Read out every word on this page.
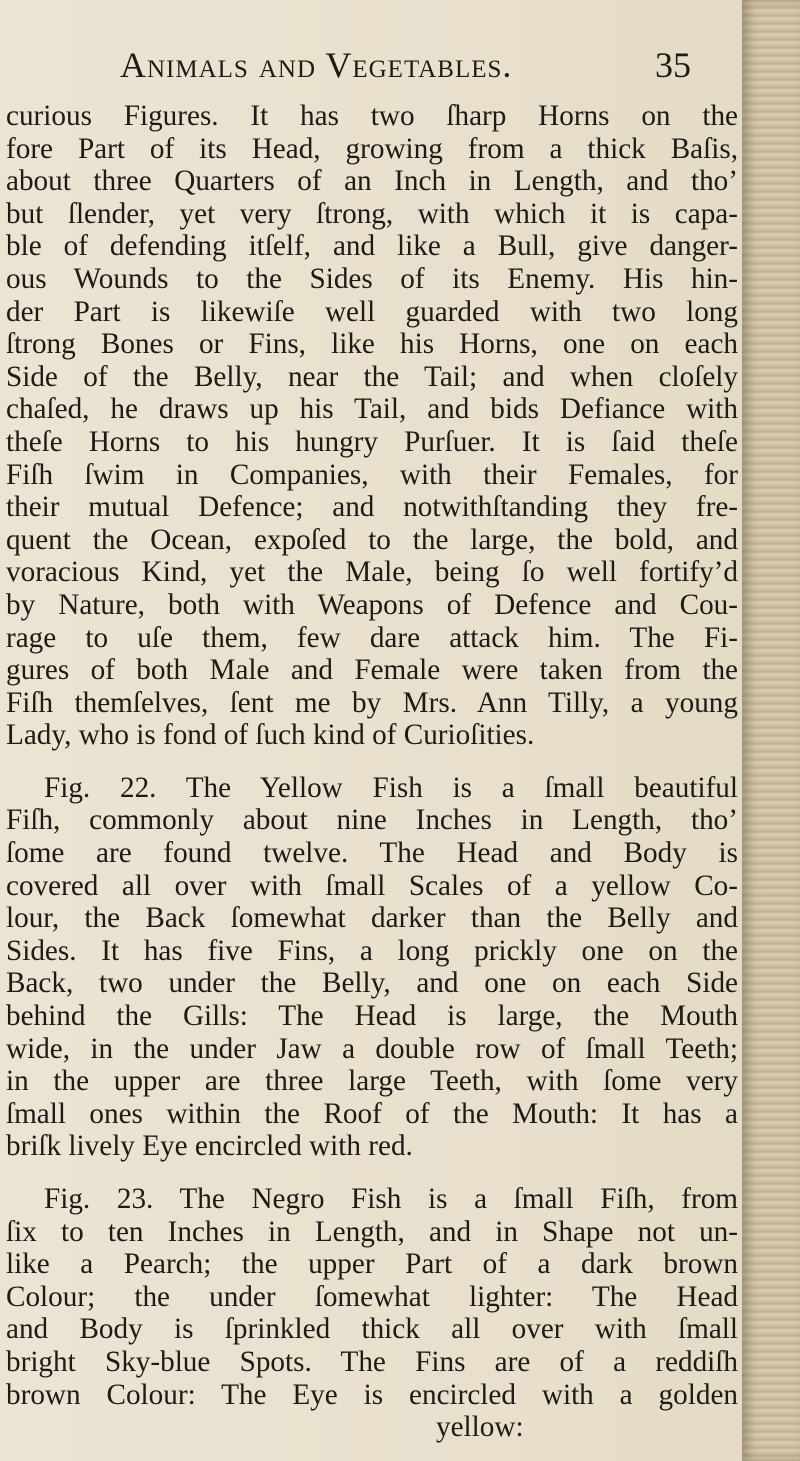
Animals and Vegetables.	35
curious Figures. It has two ſharp Horns on the
fore Part of its Head, growing from a thick Baſis,
about three Quarters of an Inch in Length, and tho’
but ſlender, yet very ſtrong, with which it is capa-
ble of defending itſelf, and like a Bull, give danger-
ous Wounds to the Sides of its Enemy. His hin-
der Part is likewiſe well guarded with two long
ſtrong Bones or Fins, like his Horns, one on each
Side of the Belly, near the Tail; and when cloſely
chaſed, he draws up his Tail, and bids Defiance with
theſe Horns to his hungry Purſuer. It is ſaid theſe
Fiſh ſwim in Companies, with their Females, for
their mutual Defence; and notwithſtanding they fre-
quent the Ocean, expoſed to the large, the bold, and
voracious Kind, yet the Male, being ſo well fortify’d
by Nature, both with Weapons of Defence and Cou-
rage to uſe them, few dare attack him. The Fi-
gures of both Male and Female were taken from the
Fiſh themſelves, ſent me by Mrs. Ann Tilly, a young
Lady, who is fond of ſuch kind of Curioſities.
Fig. 22. The Yellow Fish is a ſmall beautiful
Fiſh, commonly about nine Inches in Length, tho’
ſome are found twelve. The Head and Body is
covered all over with ſmall Scales of a yellow Co-
lour, the Back ſomewhat darker than the Belly and
Sides. It has five Fins, a long prickly one on the
Back, two under the Belly, and one on each Side
behind the Gills: The Head is large, the Mouth
wide, in the under Jaw a double row of ſmall Teeth;
in the upper are three large Teeth, with ſome very
ſmall ones within the Roof of the Mouth: It has a
briſk lively Eye encircled with red.
Fig. 23. The Negro Fish is a ſmall Fiſh, from
ſix to ten Inches in Length, and in Shape not un-
like a Pearch; the upper Part of a dark brown
Colour; the under ſomewhat lighter: The Head
and Body is ſprinkled thick all over with ſmall
bright Sky-blue Spots. The Fins are of a reddiſh
brown Colour: The Eye is encircled with a golden
yellow:
